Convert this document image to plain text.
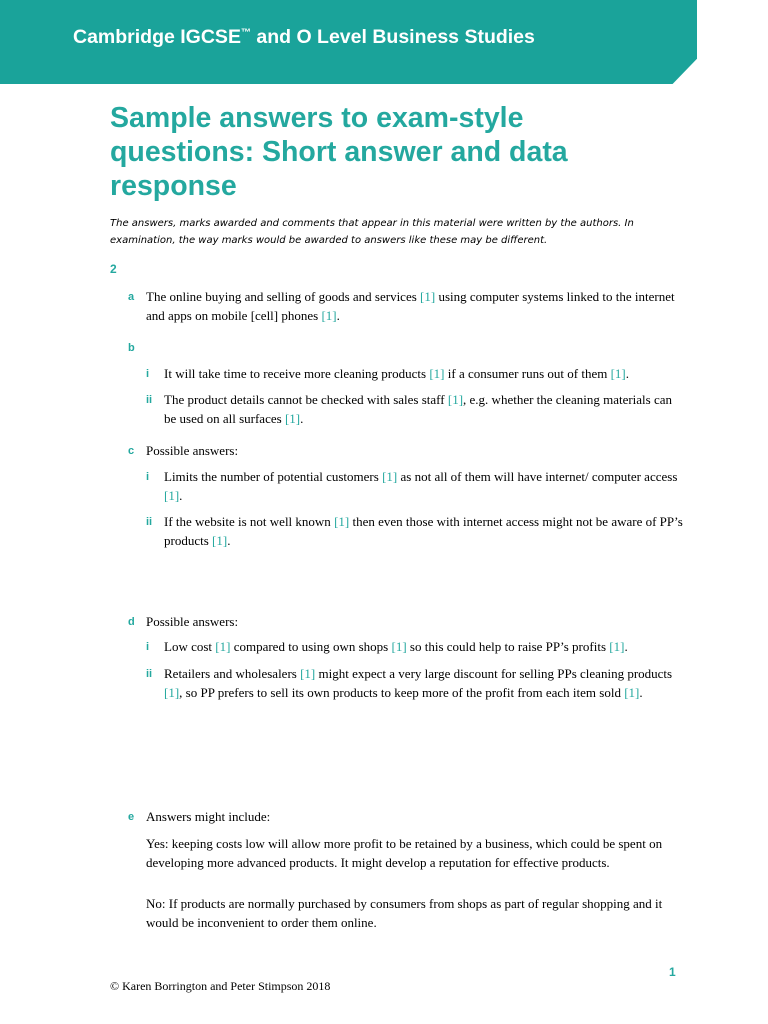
Cambridge IGCSE™ and O Level Business Studies
Sample answers to exam-style questions: Short answer and data response
The answers, marks awarded and comments that appear in this material were written by the authors. In examination, the way marks would be awarded to answers like these may be different.
2
a The online buying and selling of goods and services [1] using computer systems linked to the internet and apps on mobile [cell] phones [1].
b
i It will take time to receive more cleaning products [1] if a consumer runs out of them [1].
ii The product details cannot be checked with sales staff [1], e.g. whether the cleaning materials can be used on all surfaces [1].
c Possible answers:
i Limits the number of potential customers [1] as not all of them will have internet/ computer access [1].
ii If the website is not well known [1] then even those with internet access might not be aware of PP’s products [1].
d Possible answers:
i Low cost [1] compared to using own shops [1] so this could help to raise PP’s profits [1].
ii Retailers and wholesalers [1] might expect a very large discount for selling PPs cleaning products [1], so PP prefers to sell its own products to keep more of the profit from each item sold [1].
e Answers might include:
Yes: keeping costs low will allow more profit to be retained by a business, which could be spent on developing more advanced products. It might develop a reputation for effective products.
No: If products are normally purchased by consumers from shops as part of regular shopping and it would be inconvenient to order them online.
1
© Karen Borrington and Peter Stimpson 2018
